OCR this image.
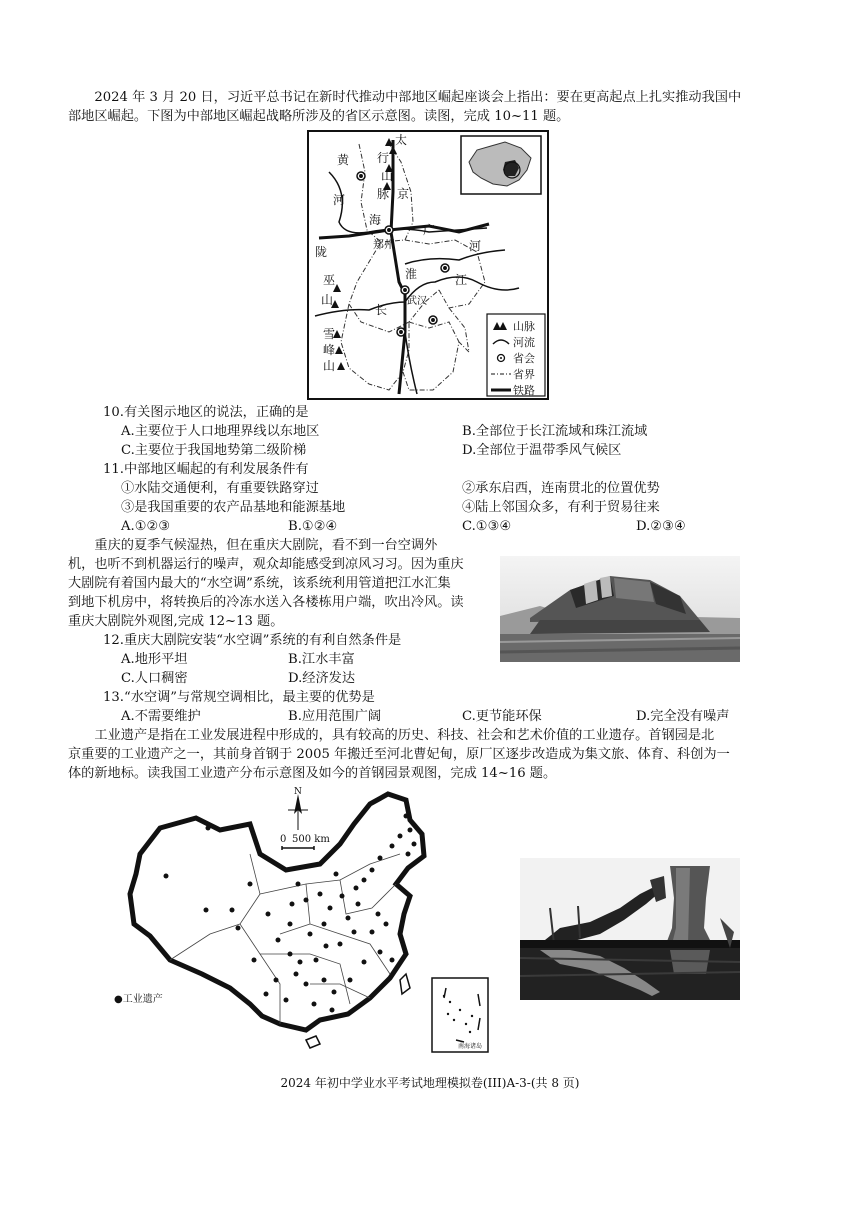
2024 年 3 月 20 日，习近平总书记在新时代推动中部地区崛起座谈会上指出：要在更高起点上扎实推动我国中
部地区崛起。下图为中部地区崛起战略所涉及的省区示意图。读图，完成 10~11 题。
太
行
山
脉
黄
河	京
广
陇
海
郑州
淮
河
江
武汉
巫
山
长
雪
峰
山
山脉
河流
省会
省界
铁路
10.有关图示地区的说法，正确的是
A.主要位于人口地理界线以东地区	B.全部位于长江流域和珠江流域
C.主要位于我国地势第二级阶梯	D.全部位于温带季风气候区
11.中部地区崛起的有利发展条件有
①水陆交通便利，有重要铁路穿过	②承东启西，连南贯北的位置优势
③是我国重要的农产品基地和能源基地	④陆上邻国众多，有利于贸易往来
A.①②③	B.①②④	C.①③④	D.②③④
重庆的夏季气候湿热，但在重庆大剧院，看不到一台空调外
机，也听不到机器运行的噪声，观众却能感受到凉风习习。因为重庆
大剧院有着国内最大的“水空调”系统，该系统利用管道把江水汇集
到地下机房中，将转换后的冷冻水送入各楼栋用户端，吹出冷风。读
重庆大剧院外观图,完成 12~13 题。
12.重庆大剧院安装“水空调”系统的有利自然条件是
A.地形平坦	B.江水丰富
C.人口稠密	D.经济发达
13.“水空调”与常规空调相比，最主要的优势是
A.不需要维护	B.应用范围广阔	C.更节能环保	D.完全没有噪声
工业遗产是指在工业发展进程中形成的，具有较高的历史、科技、社会和艺术价值的工业遗存。首钢园是北
京重要的工业遗产之一，其前身首钢于 2005 年搬迁至河北曹妃甸，原厂区逐步改造成为集文旅、体育、科创为一
体的新地标。读我国工业遗产分布示意图及如今的首钢园景观图，完成 14~16 题。
N
0 500 km
●工业遗产
南海诸岛
2024 年初中学业水平考试地理模拟卷(III)A-3-(共 8 页)
